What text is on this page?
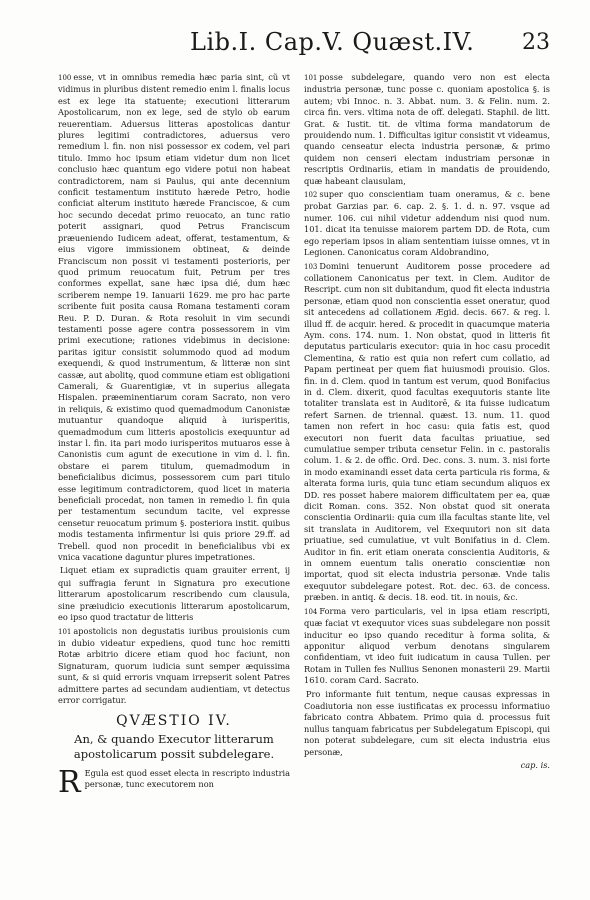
Lib.I. Cap.V. Quæst.IV. 23

100 esse, vt in omnibus remedia hæc paria sint, cũ vt vidimus in pluribus distent remedio enim l. finalis locus est ex lege ita statuente; executioni litterarum Apostolicarum, non ex lege, sed de stylo ob earum reuerentiam. Aduersus litteras apostolicas dantur plures legitimi contradictores, aduersus vero remedium l. fin. non nisi possessor ex codem, vel pari titulo. Immo hoc ipsum etiam videtur dum non licet conclusio hæc quantum ego videre potui non habeat contradictorem, nam si Paulus, qui ante decennium conficit testamentum instituto hærede Petro, hodie conficiat alterum instituto hærede Franciscoe, & cum hoc secundo decedat primo reuocato, an tunc ratio poterit assignari, quod Petrus Franciscum præueniendo Iudicem adeat, offerat, testamentum, & eius vigore immissionem obtineat, & deinde Franciscum non possit vi testamenti posterioris, per quod primum reuocatum fuit, Petrum per tres conformes expellat, sane hæc ipsa dié, dum hæc scriberem nempe 19. Ianuarii 1629. me pro hac parte scribente fuit posita causa Romana testamenti coram Reu. P. D. Duran. & Rota resoluit in vim secundi testamenti posse agere contra possessorem in vim primi executione; rationes videbimus in decisione: paritas igitur consistit solummodo quod ad modum exequendi, & quod instrumentum, & litteræ non sint cassæ, aut abolitę, quod commune etiam est obligationi Camerali, & Guarentigiæ, vt in superius allegata Hispalen. præeminentiarum coram Sacrato, non vero in reliquis, & existimo quod quemadmodum Canonistæ mutuantur quandoque aliquid à iurisperitis, quemadmodum cum litteris apostolicis exequuntur ad instar l. fin. ita pari modo iurisperitos mutuaros esse à Canonistis cum agunt de executione in vim d. l. fin. obstare ei parem titulum, quemadmodum in beneficialibus dicimus, possessorem cum pari titulo esse legitimum contradictorem, quod licet in materia beneficiali procedat, non tamen in remedio l. fin quia per testamentum secundum tacite, vel expresse censetur reuocatum primum §. posteriora instit. quibus modis testamenta infirmentur lsi quis priore 29.ff. ad Trebell. quod non procedit in beneficialibus vbi ex vnica vacatione daguntur plures impetrationes.

Liquet etiam ex supradictis quam grauiter errent, ij qui suffragia ferunt in Signatura pro executione litterarum apostolicarum rescribendo cum clausula, sine præiudicio executionis litterarum apostolicarum, eo ipso quod tractatur de litteris

101 apostolicis non degustatis iuribus prouisionis cum in dubio videatur expediens, quod tunc hoc remitti Rotæ arbitrio dicere etiam quod hoc faciunt, non Signaturam, quorum iudicia sunt semper æquissima sunt, & si quid erroris vnquam irrepserit solent Patres admittere partes ad secundam audientiam, vt detectus error corrigatur.

QVÆSTIO IV.
An, & quando Executor litterarum apostolicarum possit subdelegare.

R Egula est quod esset electa in rescripto industria personæ, tunc executorem non

101 posse subdelegare, quando vero non est electa industria personæ, tunc posse c. quoniam apostolica §. is autem; vbi Innoc. n. 3. Abbat. num. 3. & Felin. num. 2. circa fin. vers. vltima nota de off. delegati. Staphil. de litt. Grat. & Iustit. tit. de vltima forma mandatorum de prouidendo num. 1. Difficultas igitur consistit vt videamus, quando censeatur electa industria personæ, & primo quidem non censeri electam industriam personæ in rescriptis Ordinariis, etiam in mandatis de prouidendo, quæ habeant clausulam,

102 super quo conscientiam tuam oneramus, & c. bene probat Garzias par. 6. cap. 2. §. 1. d. n. 97. vsque ad numer. 106. cui nihil videtur addendum nisi quod num. 101. dicat ita tenuisse maiorem partem DD. de Rota, cum ego reperiam ipsos in aliam sententiam iuisse omnes, vt in Legionen. Canonicatus coram Aldobrandino,

103 Domini tenuerunt Auditorem posse procedere ad collationem Canonicatus per text. in Clem. Auditor de Rescript. cum non sit dubitandum, quod fit electa industria personæ, etiam quod non conscientia esset oneratur, quod sit antecedens ad collationem Ægid. decis. 667. & reg. l. illud ff. de acquir. hered. & procedit in quacumque materia Aym. cons. 174. num. 1. Non obstat, quod in litteris fit deputatus particularis executor: quia in hoc casu procedit Clementina, & ratio est quia non refert cum collatio, ad Papam pertineat per quem fiat huiusmodi prouisio. Glos. fin. in d. Clem. quod in tantum est verum, quod Bonifacius in d. Clem. dixerit, quod facultas exequutoris stante lite totaliter translata est in Auditorē, & ita fuisse iudicatum refert Sarnen. de triennal. quæst. 13. num. 11. quod tamen non refert in hoc casu: quia fatis est, quod executori non fuerit data facultas priuatiue, sed cumulatiue semper tributa censetur Felin. in c. pastoralis colum. 1. & 2. de offic. Ord. Dec. cons. 3. num. 3. nisi forte in modo examinandi esset data certa particula ris forma, & alterata forma iuris, quia tunc etiam secundum aliquos ex DD. res posset habere maiorem difficultatem per ea, quæ dicit Roman. cons. 352. Non obstat quod sit onerata conscientia Ordinarii: quia cum illa facultas stante lite, vel sit translata in Auditorem, vel Exequutori non sit data priuatiue, sed cumulatiue, vt vult Bonifatius in d. Clem. Auditor in fin. erit etiam onerata conscientia Auditoris, & in omnem euentum talis oneratio conscientiæ non importat, quod sit electa industria personæ. Vnde talis exequutor subdelegare potest. Rot. dec. 63. de concess. præben. in antiq. & decis. 18. eod. tit. in nouis, &c.

104 Forma vero particularis, vel in ipsa etiam rescripti, quæ faciat vt exequutor vices suas subdelegare non possit inducitur eo ipso quando receditur à forma solita, & apponitur aliquod verbum denotans singularem confidentiam, vt ideo fuit iudicatum in causa Tullen. per Rotam in Tullen fes Nullius Senonen monasterii 29. Martii 1610. coram Card. Sacrato.

Pro informante fuit tentum, neque causas expressas in Coadiutoria non esse iustificatas ex processu informatiuo fabricato contra Abbatem. Primo quia d. processus fuit nullus tanquam fabricatus per Subdelegatum Episcopi, qui non poterat subdelegare, cum sit electa industria eius personæ,

cap. is.
